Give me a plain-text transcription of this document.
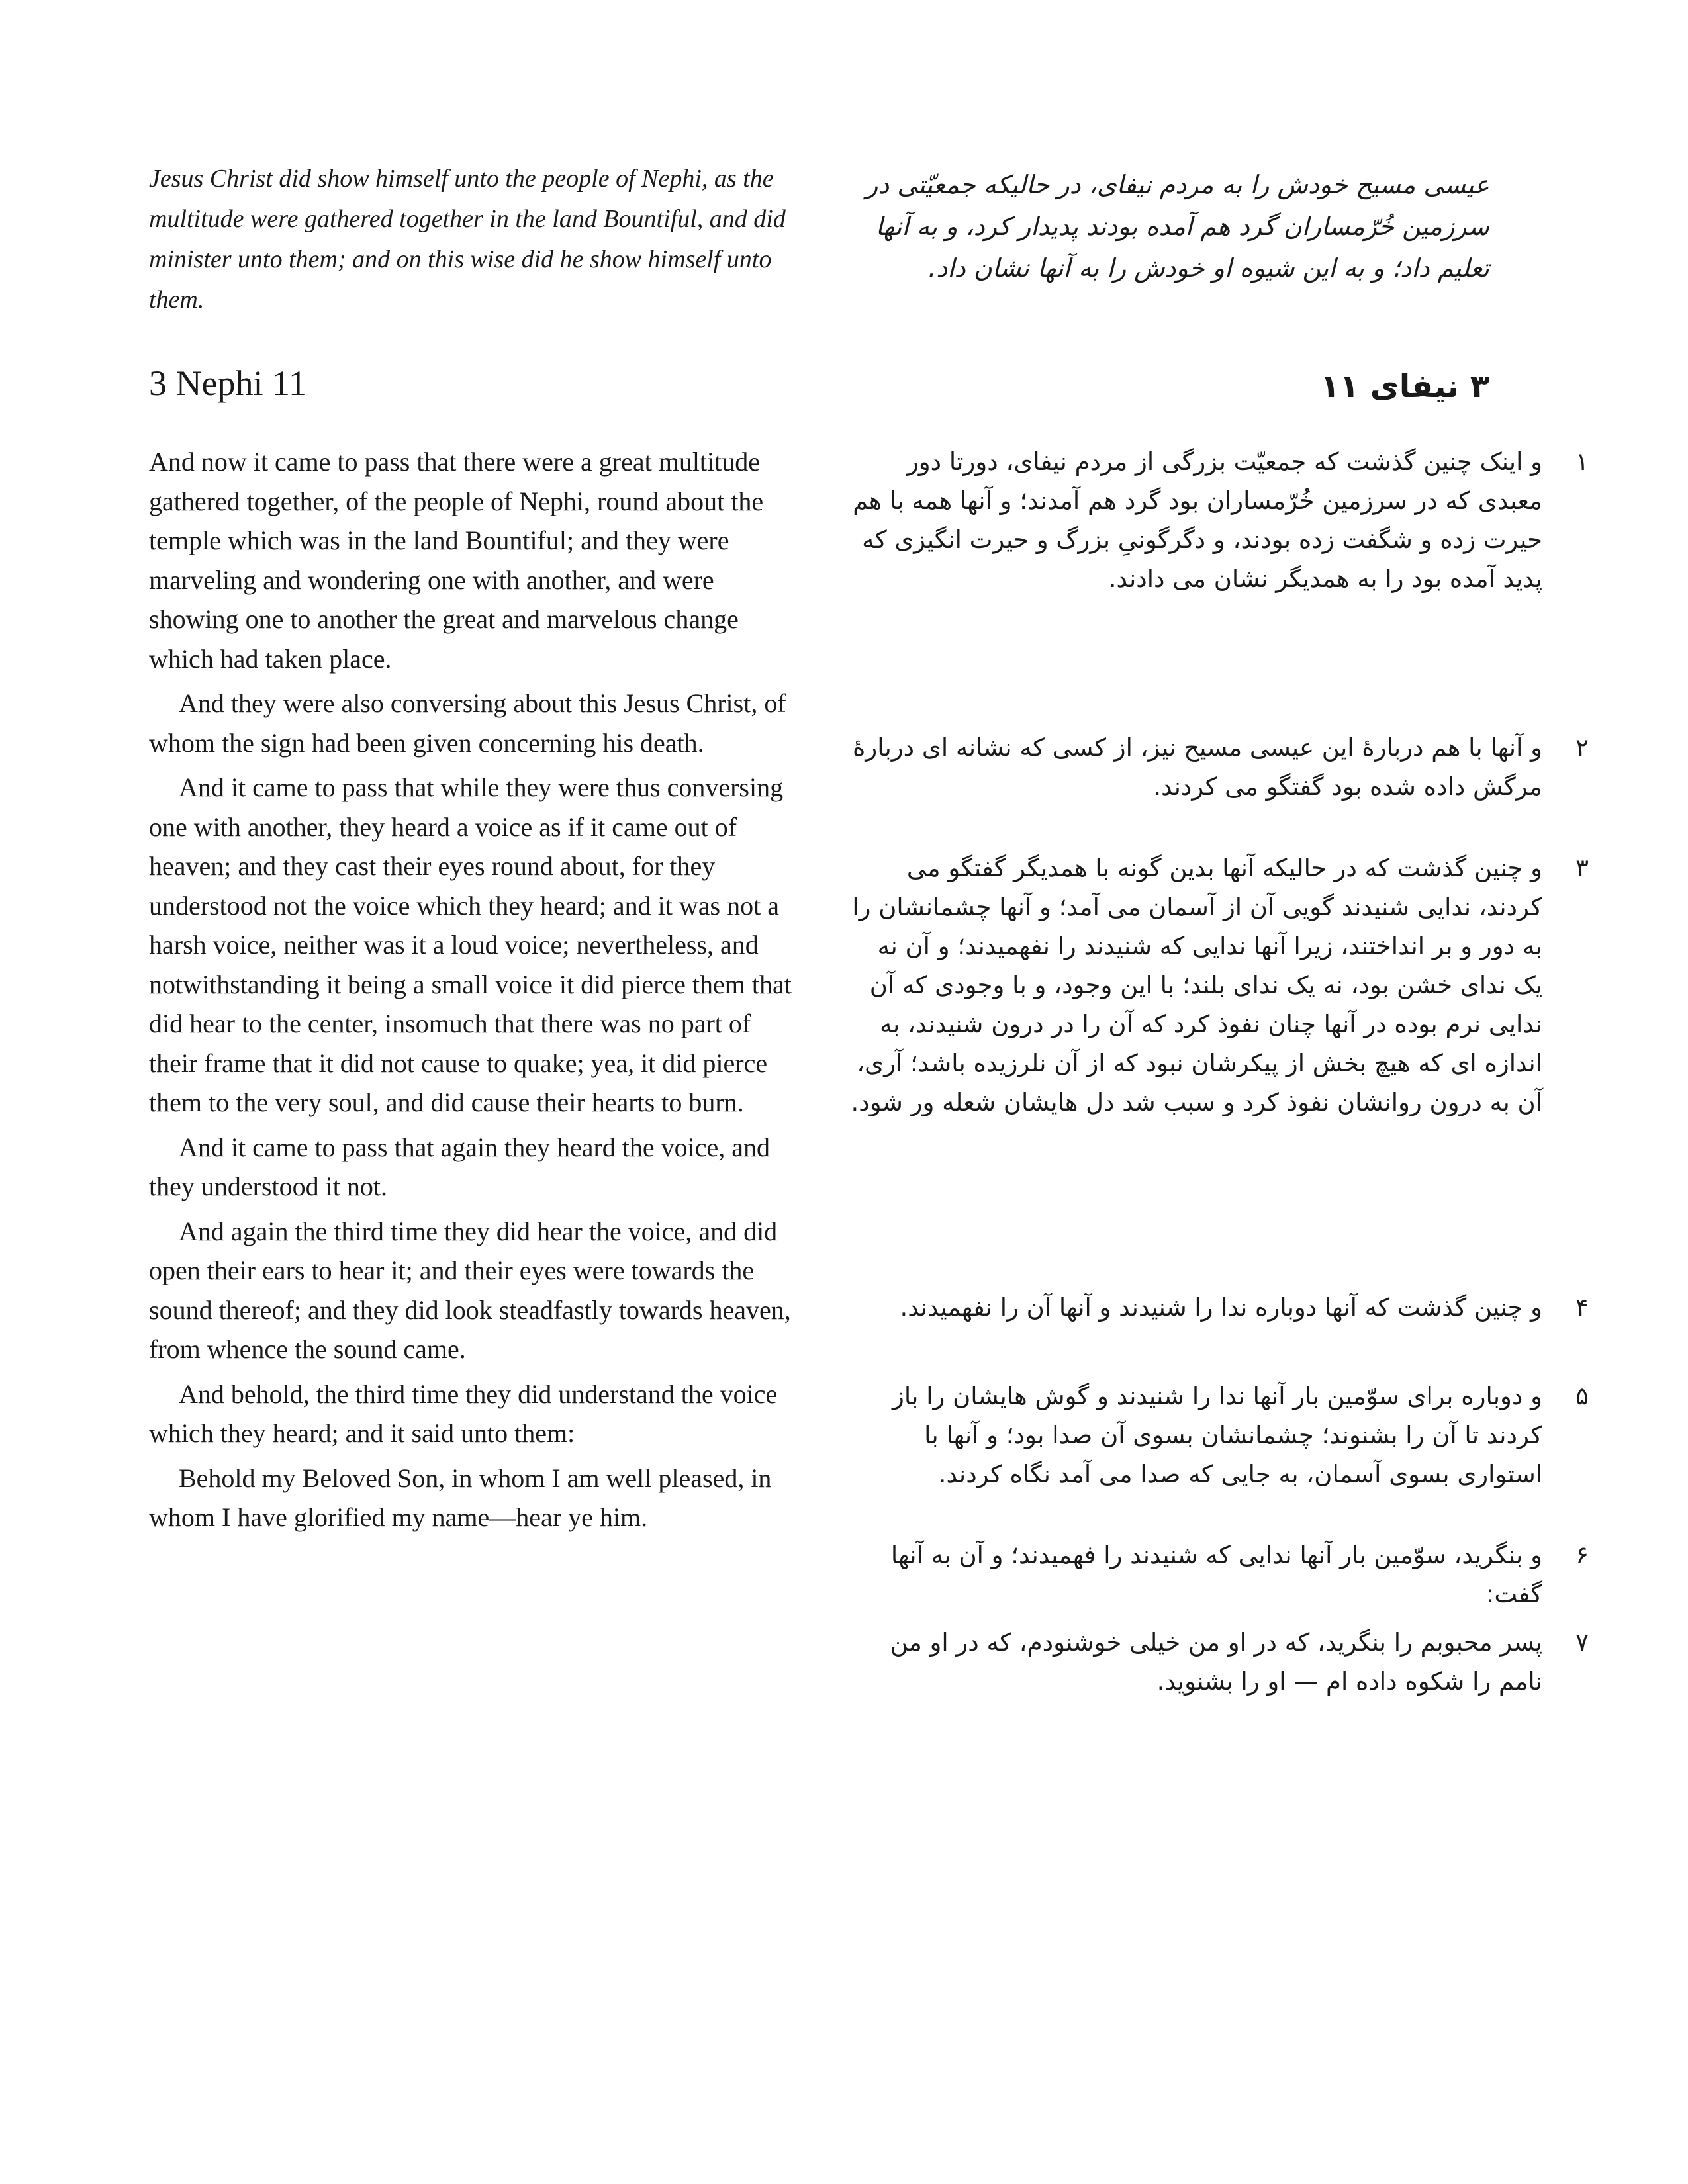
Jesus Christ did show himself unto the people of Nephi, as the multitude were gathered together in the land Bountiful, and did minister unto them; and on this wise did he show himself unto them.
عیسی مسیح خودش را به مردم نیفای، در حالیکه جمعیّتی در سرزمین خُرّمساران گرد هم آمده بودند پدیدار کرد، و به آنها تعلیم داد؛ و به این شیوه او خودش را به آنها نشان داد.
3 Nephi 11	۳ نیفای ۱۱

And now it came to pass that there were a great multitude gathered together, of the people of Nephi, round about the temple which was in the land Bountiful; and they were marveling and wondering one with another, and were showing one to another the great and marvelous change which had taken place.

And they were also conversing about this Jesus Christ, of whom the sign had been given concerning his death.

And it came to pass that while they were thus conversing one with another, they heard a voice as if it came out of heaven; and they cast their eyes round about, for they understood not the voice which they heard; and it was not a harsh voice, neither was it a loud voice; nevertheless, and notwithstanding it being a small voice it did pierce them that did hear to the center, insomuch that there was no part of their frame that it did not cause to quake; yea, it did pierce them to the very soul, and did cause their hearts to burn.

And it came to pass that again they heard the voice, and they understood it not.

And again the third time they did hear the voice, and did open their ears to hear it; and their eyes were towards the sound thereof; and they did look steadfastly towards heaven, from whence the sound came.

And behold, the third time they did understand the voice which they heard; and it said unto them:

Behold my Beloved Son, in whom I am well pleased, in whom I have glorified my name—hear ye him.

۱
و اینک چنین گذشت که جمعیّت بزرگی از مردم نیفای، دورتا دور معبدی که در سرزمین خُرّمساران بود گرد هم آمدند؛ و آنها همه با هم حیرت زده و شگفت زده بودند، و دگرگونیِ بزرگ و حیرت انگیزی که پدید آمده بود را به همدیگر نشان می دادند.
۲
و آنها با هم دربارۀ این عیسی مسیح نیز، از کسی که نشانه ای دربارۀ مرگش داده شده بود گفتگو می کردند.
۳
و چنین گذشت که در حالیکه آنها بدین گونه با همدیگر گفتگو می کردند، ندایی شنیدند گویی آن از آسمان می آمد؛ و آنها چشمانشان را به دور و بر انداختند، زیرا آنها ندایی که شنیدند را نفهمیدند؛ و آن نه یک ندای خشن بود، نه یک ندای بلند؛ با این وجود، و با وجودی که آن ندایی نرم بوده در آنها چنان نفوذ کرد که آن را در درون شنیدند، به اندازه ای که هیچ بخش از پیکرشان نبود که از آن نلرزیده باشد؛ آری، آن به درون روانشان نفوذ کرد و سبب شد دل هایشان شعله ور شود.
۴
و چنین گذشت که آنها دوباره ندا را شنیدند و آنها آن را نفهمیدند.
۵
و دوباره برای سوّمین بار آنها ندا را شنیدند و گوش هایشان را باز کردند تا آن را بشنوند؛ چشمانشان بسوی آن صدا بود؛ و آنها با استواری بسوی آسمان، به جایی که صدا می آمد نگاه کردند.
۶
و بنگرید، سوّمین بار آنها ندایی که شنیدند را فهمیدند؛ و آن به آنها گفت:
۷
پسر محبوبم را بنگرید، که در او من خیلی خوشنودم، که در او من نامم را شکوه داده ام — او را بشنوید.
